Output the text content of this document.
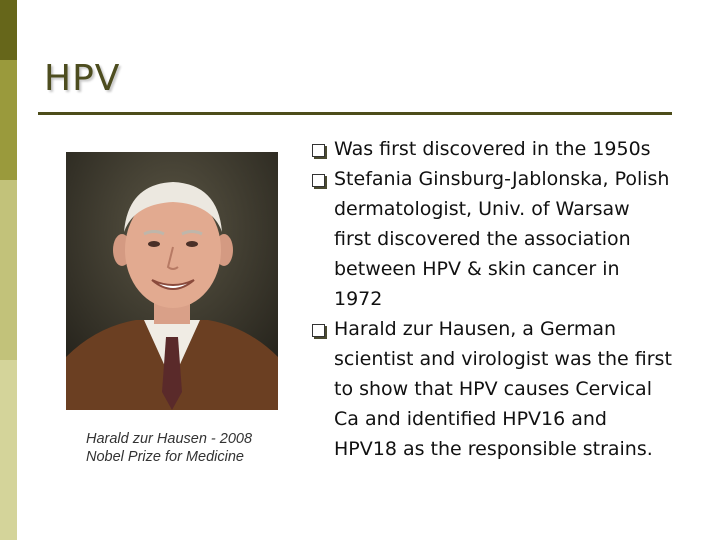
HPV
Harald zur Hausen - 2008
Nobel Prize for Medicine
Was first discovered in the 1950s
Stefania Ginsburg-Jablonska, Polish dermatologist, Univ. of Warsaw first discovered the association between HPV & skin cancer in 1972
Harald zur Hausen, a German scientist and virologist was the first to show that HPV causes Cervical Ca and identified HPV16 and HPV18 as the responsible strains.
